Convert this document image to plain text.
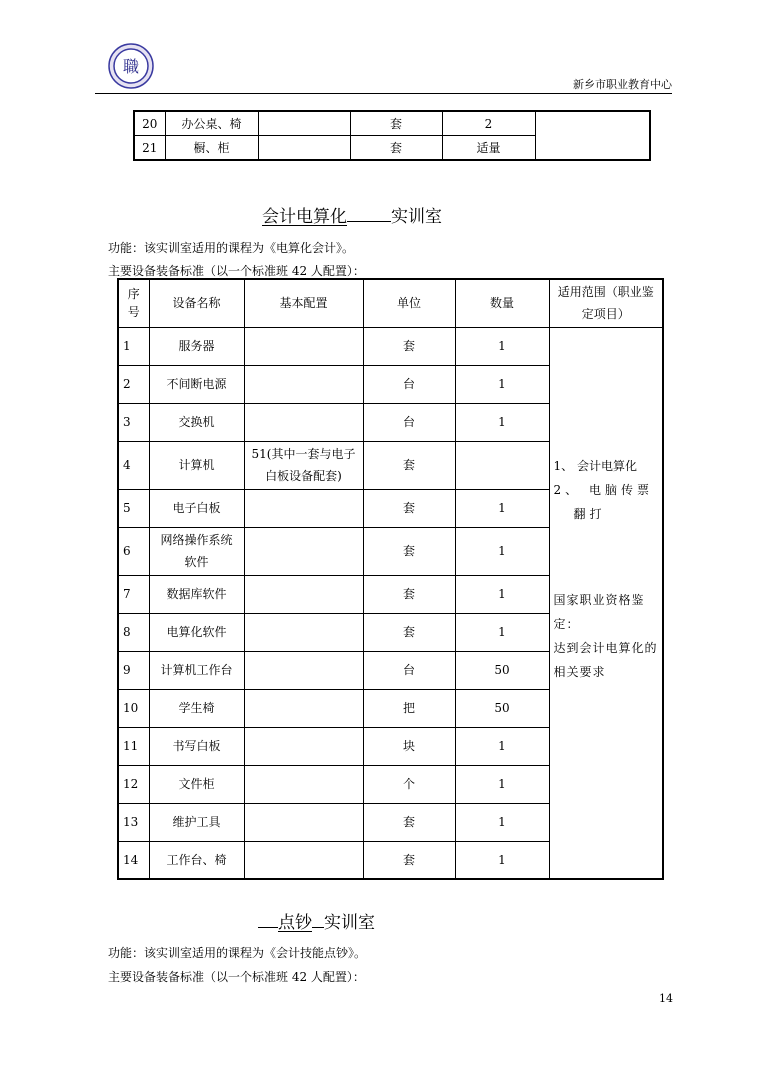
職
新乡市职业教育中心
20	办公桌、椅		套	2	
21	橱、柜		套	适量	
会计电算化	实训室
功能：该实训室适用的课程为《电算化会计》。
主要设备装备标准（以一个标准班 42 人配置）：
序号	设备名称	基本配置	单位	数量	适用范围（职业鉴定项目）
1	服务器		套	1	1、 会计电算化
2、 电脑传票翻打
国家职业资格鉴定：
达到会计电算化的相关要求

2	不间断电源		台	1	
3	交换机		台	1	
4	计算机	51(其中一套与电子白板设备配套)	套		
5	电子白板		套	1	
6	网络操作系统软件		套	1	
7	数据库软件		套	1	
8	电算化软件		套	1	
9	计算机工作台		台	50	
10	学生椅		把	50	
11	书写白板		块	1	
12	文件柜		个	1	
13	维护工具		套	1	
14	工作台、椅		套	1	
点钞 实训室
功能：该实训室适用的课程为《会计技能点钞》。
主要设备装备标准（以一个标准班 42 人配置）：
14
